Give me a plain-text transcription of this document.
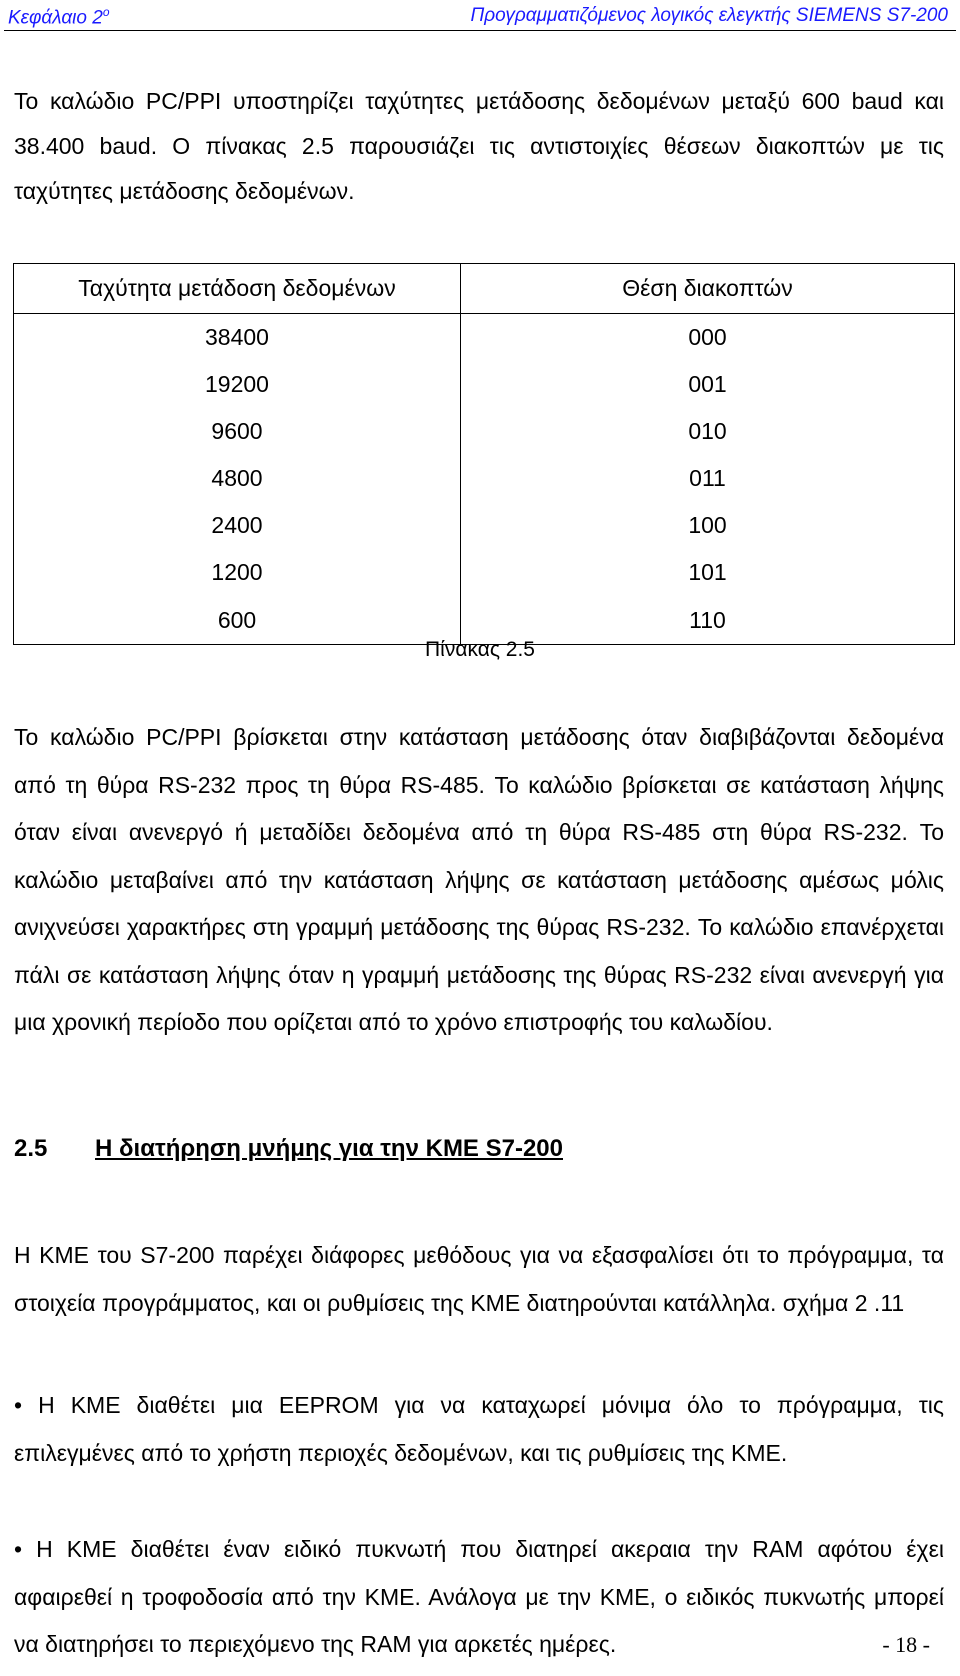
Κεφάλαιο $2^o$	Προγραμματιζόμενος λογικός ελεγκτής SIEMENS S7-200

Το καλώδιο PC/PPI υποστηρίζει ταχύτητες μετάδοσης δεδομένων μεταξύ 600 baud και 38.400 baud. Ο πίνακας 2.5 παρουσιάζει τις αντιστοιχίες θέσεων διακοπτών με τις ταχύτητες μετάδοσης δεδομένων.

Ταχύτητα μετάδοση δεδομένων	Θέση διακοπτών
38400	000
19200	001
9600	010
4800	011
2400	100
1200	101
600	110
Πίνακας 2.5

Το καλώδιο PC/PPI βρίσκεται στην κατάσταση μετάδοσης όταν διαβιβάζονται δεδομένα από τη θύρα RS-232 προς τη θύρα RS-485. Το καλώδιο βρίσκεται σε κατάσταση λήψης όταν είναι ανενεργό ή μεταδίδει δεδομένα από τη θύρα RS-485 στη θύρα RS-232. Το καλώδιο μεταβαίνει από την κατάσταση λήψης σε κατάσταση μετάδοσης αμέσως μόλις ανιχνεύσει χαρακτήρες στη γραμμή μετάδοσης της θύρας RS-232. Το καλώδιο επανέρχεται πάλι σε κατάσταση λήψης όταν η γραμμή μετάδοσης της θύρας RS-232 είναι ανενεργή για μια χρονική περίοδο που ορίζεται από το χρόνο επιστροφής του καλωδίου.

2.5 Η διατήρηση μνήμης για την ΚΜΕ S7-200

Η ΚΜΕ του S7-200 παρέχει διάφορες μεθόδους για να εξασφαλίσει ότι το πρόγραμμα, τα στοιχεία προγράμματος, και οι ρυθμίσεις της ΚΜΕ διατηρούνται κατάλληλα. σχήμα 2 .11

• Η ΚΜΕ διαθέτει μια EEPROM για να καταχωρεί μόνιμα όλο το πρόγραμμα, τις επιλεγμένες από το χρήστη περιοχές δεδομένων, και τις ρυθμίσεις της ΚΜΕ.

• Η ΚΜΕ διαθέτει έναν ειδικό πυκνωτή που διατηρεί ακεραια την RAM αφότου έχει αφαιρεθεί η τροφοδοσία από την ΚΜΕ. Ανάλογα με την ΚΜΕ, ο ειδικός πυκνωτής μπορεί να διατηρήσει το περιεχόμενο της RAM για αρκετές ημέρες.	- 18 -
